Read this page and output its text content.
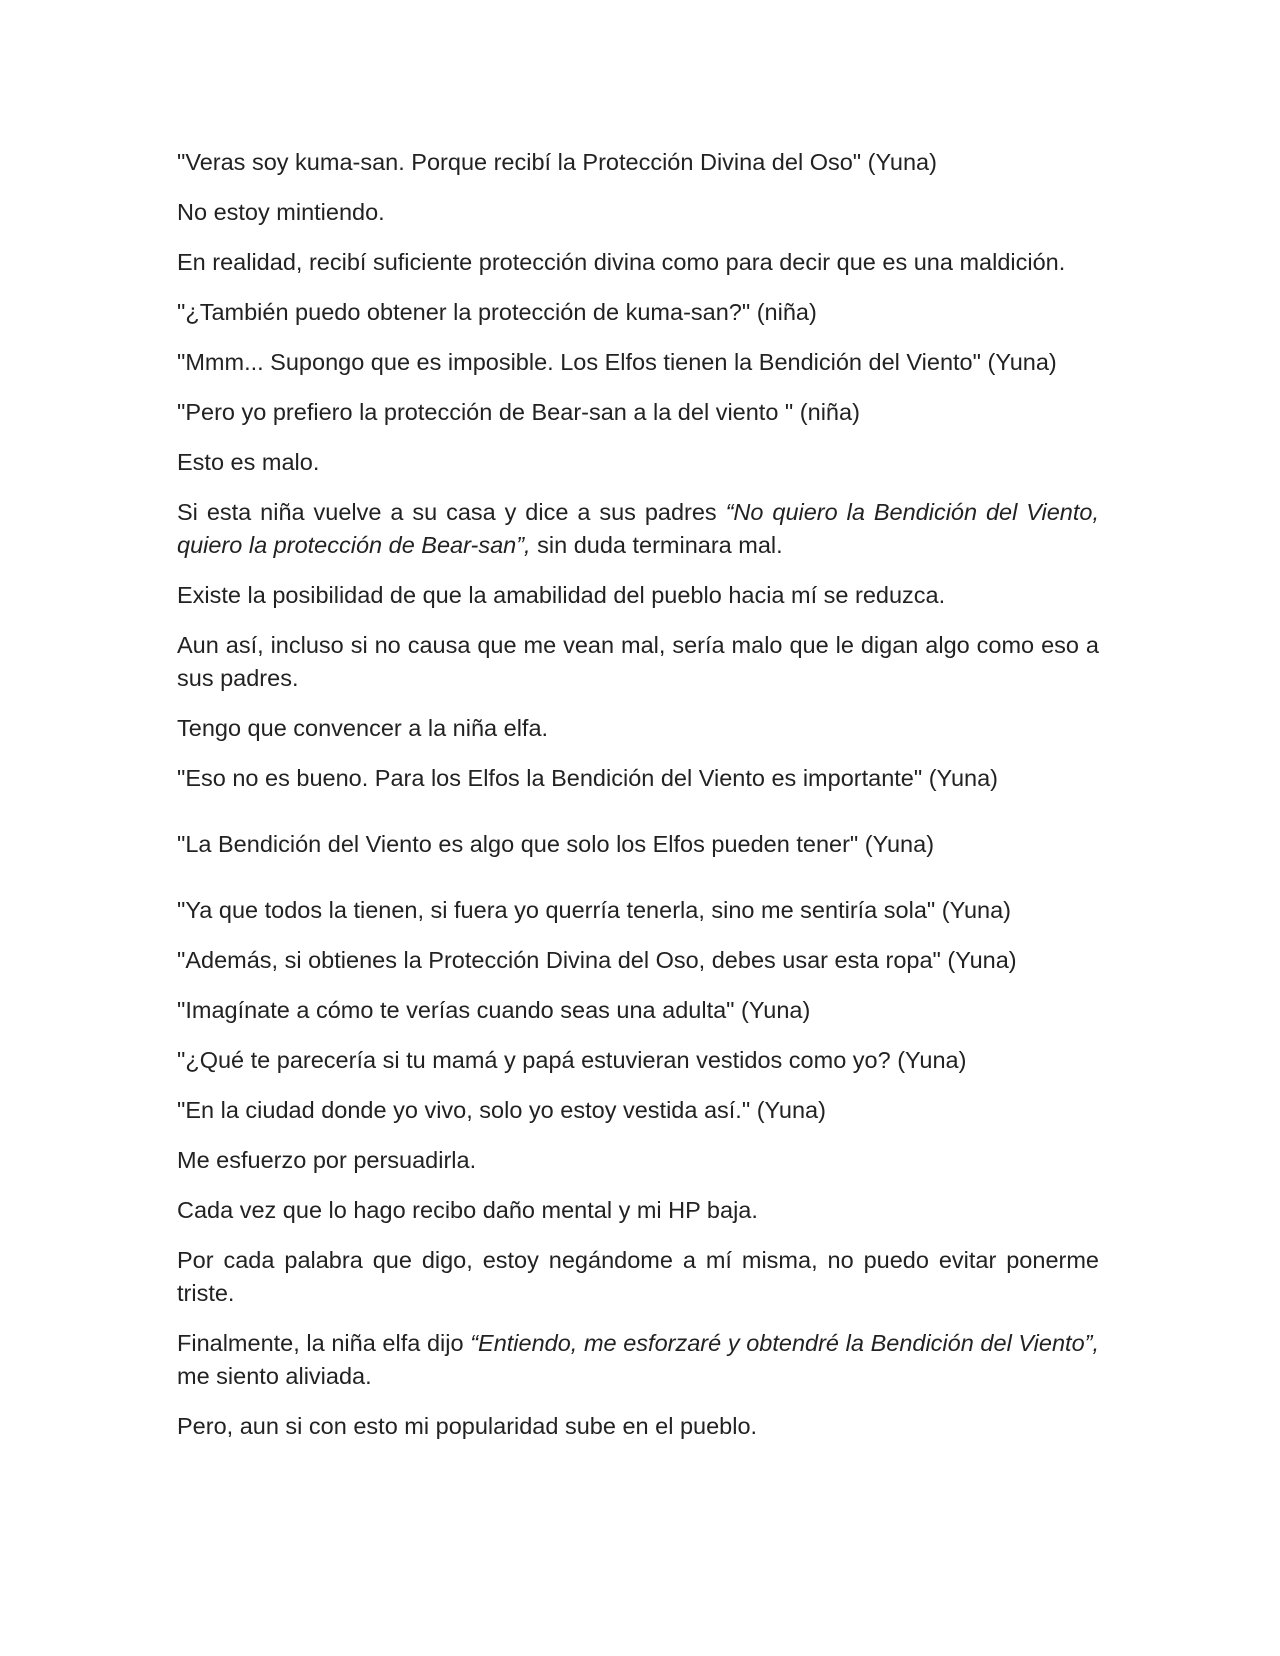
"Veras soy kuma-san. Porque recibí la Protección Divina del Oso" (Yuna)

No estoy mintiendo.

En realidad, recibí suficiente protección divina como para decir que es una maldición.

"¿También puedo obtener la protección de kuma-san?" (niña)

"Mmm... Supongo que es imposible. Los Elfos tienen la Bendición del Viento" (Yuna)

"Pero yo prefiero la protección de Bear-san a la del viento " (niña)

Esto es malo.

Si esta niña vuelve a su casa y dice a sus padres “No quiero la Bendición del Viento, quiero la protección de Bear-san”, sin duda terminara mal.

Existe la posibilidad de que la amabilidad del pueblo hacia mí se reduzca.

Aun así, incluso si no causa que me vean mal, sería malo que le digan algo como eso a sus padres.

Tengo que convencer a la niña elfa.

"Eso no es bueno. Para los Elfos la Bendición del Viento es importante" (Yuna)

"La Bendición del Viento es algo que solo los Elfos pueden tener" (Yuna)

"Ya que todos la tienen, si fuera yo querría tenerla, sino me sentiría sola" (Yuna)

"Además, si obtienes la Protección Divina del Oso, debes usar esta ropa" (Yuna)

"Imagínate a cómo te verías cuando seas una adulta" (Yuna)

"¿Qué te parecería si tu mamá y papá estuvieran vestidos como yo? (Yuna)

"En la ciudad donde yo vivo, solo yo estoy vestida así." (Yuna)

Me esfuerzo por persuadirla.

Cada vez que lo hago recibo daño mental y mi HP baja.

Por cada palabra que digo, estoy negándome a mí misma, no puedo evitar ponerme triste.

Finalmente, la niña elfa dijo “Entiendo, me esforzaré y obtendré la Bendición del Viento”, me siento aliviada.

Pero, aun si con esto mi popularidad sube en el pueblo.
